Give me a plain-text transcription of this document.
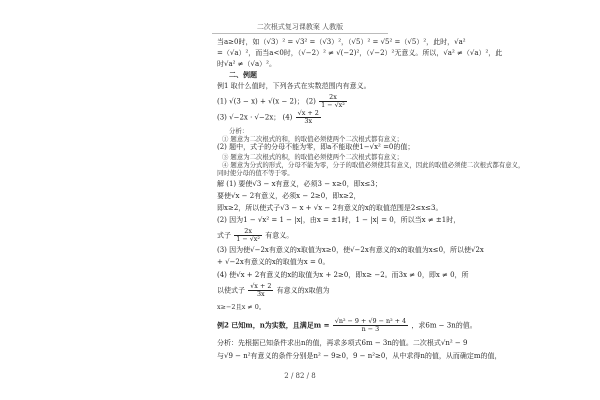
二次根式复习课教案 人教版
当a≥0时，如（√3）² = √3² =（√3）²，（√5）² = √5² =（√5）²，此时，√a²
=（√a）²，而当a<0时，（√−2）² ≠ √(−2)²，（√−2）²无意义。所以，√a² ≠（√a）²，此
时√a² ≠（√a）²。
二、例题
例1 取什么值时，下列各式在实数范围内有意义。
(1) √(3 − x) + √(x − 2)； $(2) \frac{2x}{\text{1 − √x²}}$
(3) √−2x · √−2x； $(4) \frac{√x + 2}{3x}$
分析：
① 题意为二次根式的和，的取值必须使两个二次根式都有意义；
(2) 题中，式子的分母不能为零，即a不能取使1−√x² =0的值；
③ 题意为二次根式的积，的取值必须使两个二次根式都有意义；
④ 题意为分式的形式，分母不能为零，分子的取值必须使其有意义，因此的取值必须使二次根式都有意义，
同时使分母的值不等于零。
解 (1) 要使√3 − x有意义，必须3 − x≥0，即x≤3；
要使√x − 2有意义，必须x − 2≥0，即x≥2，
即x≥2，所以使式子√3 − x + √x − 2有意义的x的取值范围是2≤x≤3。
(2) 因为1 − √x² = 1 − |x|，由x = ±1时，1 − |x| = 0，所以当x ≠ ±1时，
式子 $\frac{2x}{\text{1 − √x²}}$ 有意义。
(3) 因为使√−2x有意义的x取值为x≥0，使√−2x有意义的x的取值为x≤0，所以使√2x
+ √−2x有意义的x的取值为x = 0。
(4) 使√x + 2有意义的x的取值为x + 2≥0，即x≥ −2。而3x ≠ 0，即x ≠ 0，所
以使式子 $\frac{√x + 2}{3x}$ 有意义的x取值为
x≥−2且x ≠ 0。
例2 已知m，n为实数，且满足$m = \frac{\text{√n² − 9 + √9 − n² + 4}}{n - 3}$ ，求6m − 3n的值。
分析：先根据已知条件求出n的值，再求多项式6m − 3n的值。二次根式√n² − 9
与√9 − n²有意义的条件分别是n² − 9≥0，9 − n²≥0，从中求得n的值，从而确定m的值，
2 / 82 / 8
